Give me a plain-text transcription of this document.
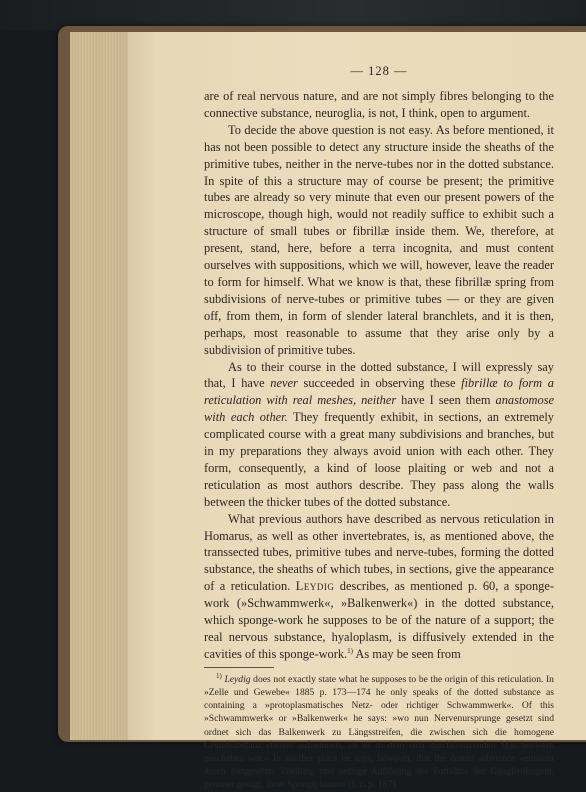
— 128 —

are of real nervous nature, and are not simply fibres belonging to the connective substance, neuroglia, is not, I think, open to argument.

To decide the above question is not easy. As before mentioned, it has not been possible to detect any structure inside the sheaths of the primitive tubes, neither in the nerve-tubes nor in the dotted substance. In spite of this a structure may of course be present; the primitive tubes are already so very minute that even our present powers of the microscope, though high, would not readily suffice to exhibit such a structure of small tubes or fibrillæ inside them. We, therefore, at present, stand, here, before a terra incognita, and must content ourselves with suppositions, which we will, however, leave the reader to form for himself. What we know is that, these fibrillæ spring from subdivisions of nerve-tubes or primitive tubes — or they are given off, from them, in form of slender lateral branchlets, and it is then, perhaps, most reasonable to assume that they arise only by a subdivision of primitive tubes.

As to their course in the dotted substance, I will expressly say that, I have never succeeded in observing these fibrillæ to form a reticulation with real meshes, neither have I seen them anastomose with each other. They frequently exhibit, in sections, an extremely complicated course with a great many subdivisions and branches, but in my preparations they always avoid union with each other. They form, consequently, a kind of loose plaiting or web and not a reticulation as most authors describe. They pass along the walls between the thicker tubes of the dotted substance.

What previous authors have described as nervous reticulation in Homarus, as well as other invertebrates, is, as mentioned above, the transsected tubes, primitive tubes and nerve-tubes, forming the dotted substance, the sheaths of which tubes, in sections, give the appearance of a reticulation. Leydig describes, as mentioned p. 60, a sponge-work (»Schwammwerk«, »Balkenwerk«) in the dotted substance, which sponge-work he supposes to be of the nature of a support; the real nervous substance, hyaloplasm, is diffusively extended in the cavities of this sponge-work.$^{1)}$ As may be seen from

$^{1)}$ Leydig does not exactly state what he supposes to be the origin of this reticulation. In »Zelle und Gewebe« 1885 p. 173—174 he only speaks of the dotted substance as containing a »protoplasmatisches Netz- oder richtiger Schwammwerk«. Of this »Schwammwerk« or »Balkenwerk« he says: »wo nun Nervenursprunge gesetzt sind ordnet sich das Balkenwerk zu Längsstreifen, die zwischen sich die homogene Grundsubstanz ebenso aufnehmen, als es in dem sich durchkreuzenden Maschenwerk geschehen war.« In another place he says, however, that the dotted substance »entsteht durch fortgesetzte Theilung und netzige Auflösung der Fortsätze der Ganglienkugeln, genauer gesagt, ihres Spongiplasma« (l. c. p. 187).
